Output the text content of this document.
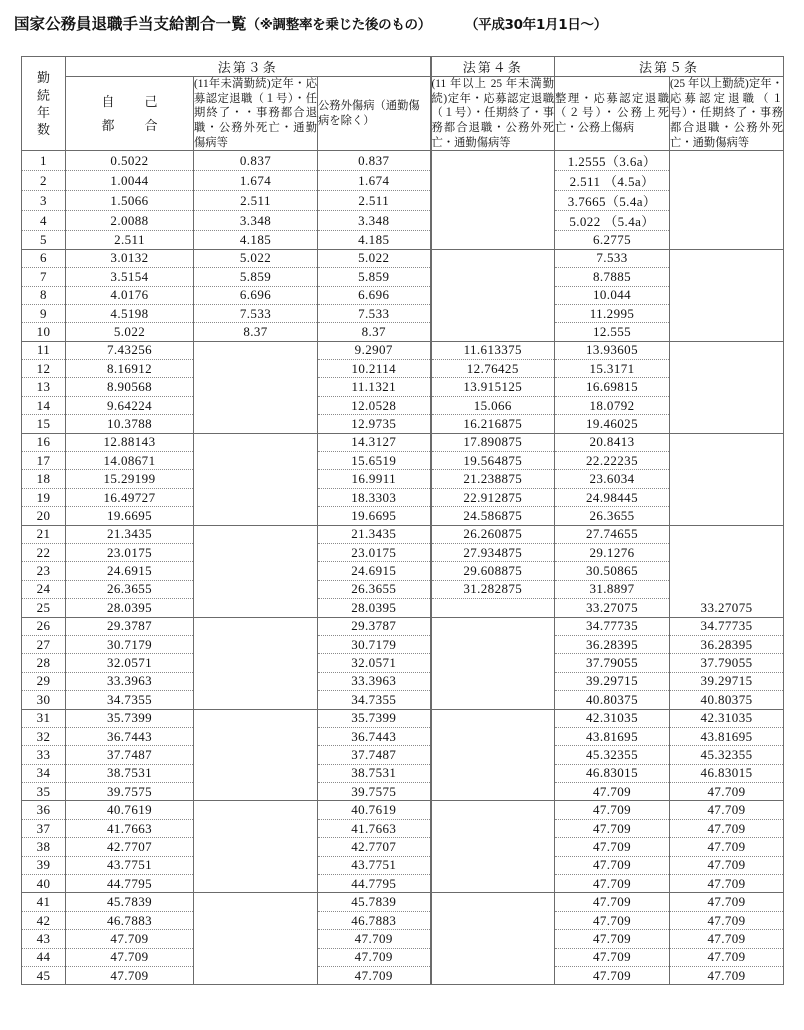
国家公務員退職手当支給割合一覧 （※調整率を乗じた後のもの）	（平成30年1月1日～）
勤
続
年
数	法第３条			法第４条	法第５条	

	自 己
都 合	(11年未満勤続)定年・応募認定退職（１号）・任期終了・・事務都合退職・公務外死亡・通勤傷病等	公務外傷病（通勤傷病を除く）	(11 年以上 25 年未満勤続)定年・応募認定退職（１号）・任期終了・事務都合退職・公務外死亡・通勤傷病等	整理・応募認定退職（２号）・公務上死亡・公務上傷病	(25 年以上勤続)定年・応募認定退職（１号）・任期終了・事務都合退職・公務外死亡・通勤傷病等
1	0.5022	0.837	0.837		1.2555（3.6a）	
2	1.0044	1.674	1.674		2.511 （4.5a）	
3	1.5066	2.511	2.511		3.7665（5.4a）	
4	2.0088	3.348	3.348		5.022 （5.4a）	
5	2.511	4.185	4.185		6.2775	
6	3.0132	5.022	5.022		7.533	
7	3.5154	5.859	5.859		8.7885	
8	4.0176	6.696	6.696		10.044	
9	4.5198	7.533	7.533		11.2995	
10	5.022	8.37	8.37		12.555	
11	7.43256		9.2907	11.613375	13.93605	
12	8.16912		10.2114	12.76425	15.3171	
13	8.90568		11.1321	13.915125	16.69815	
14	9.64224		12.0528	15.066	18.0792	
15	10.3788		12.9735	16.216875	19.46025	
16	12.88143		14.3127	17.890875	20.8413	
17	14.08671		15.6519	19.564875	22.22235	
18	15.29199		16.9911	21.238875	23.6034	
19	16.49727		18.3303	22.912875	24.98445	
20	19.6695		19.6695	24.586875	26.3655	
21	21.3435		21.3435	26.260875	27.74655	
22	23.0175		23.0175	27.934875	29.1276	
23	24.6915		24.6915	29.608875	30.50865	
24	26.3655		26.3655	31.282875	31.8897	
25	28.0395		28.0395		33.27075	33.27075
26	29.3787		29.3787		34.77735	34.77735
27	30.7179		30.7179		36.28395	36.28395
28	32.0571		32.0571		37.79055	37.79055
29	33.3963		33.3963		39.29715	39.29715
30	34.7355		34.7355		40.80375	40.80375
31	35.7399		35.7399		42.31035	42.31035
32	36.7443		36.7443		43.81695	43.81695
33	37.7487		37.7487		45.32355	45.32355
34	38.7531		38.7531		46.83015	46.83015
35	39.7575		39.7575		47.709	47.709
36	40.7619		40.7619		47.709	47.709
37	41.7663		41.7663		47.709	47.709
38	42.7707		42.7707		47.709	47.709
39	43.7751		43.7751		47.709	47.709
40	44.7795		44.7795		47.709	47.709
41	45.7839		45.7839		47.709	47.709
42	46.7883		46.7883		47.709	47.709
43	47.709		47.709		47.709	47.709
44	47.709		47.709		47.709	47.709
45	47.709		47.709		47.709	47.709
